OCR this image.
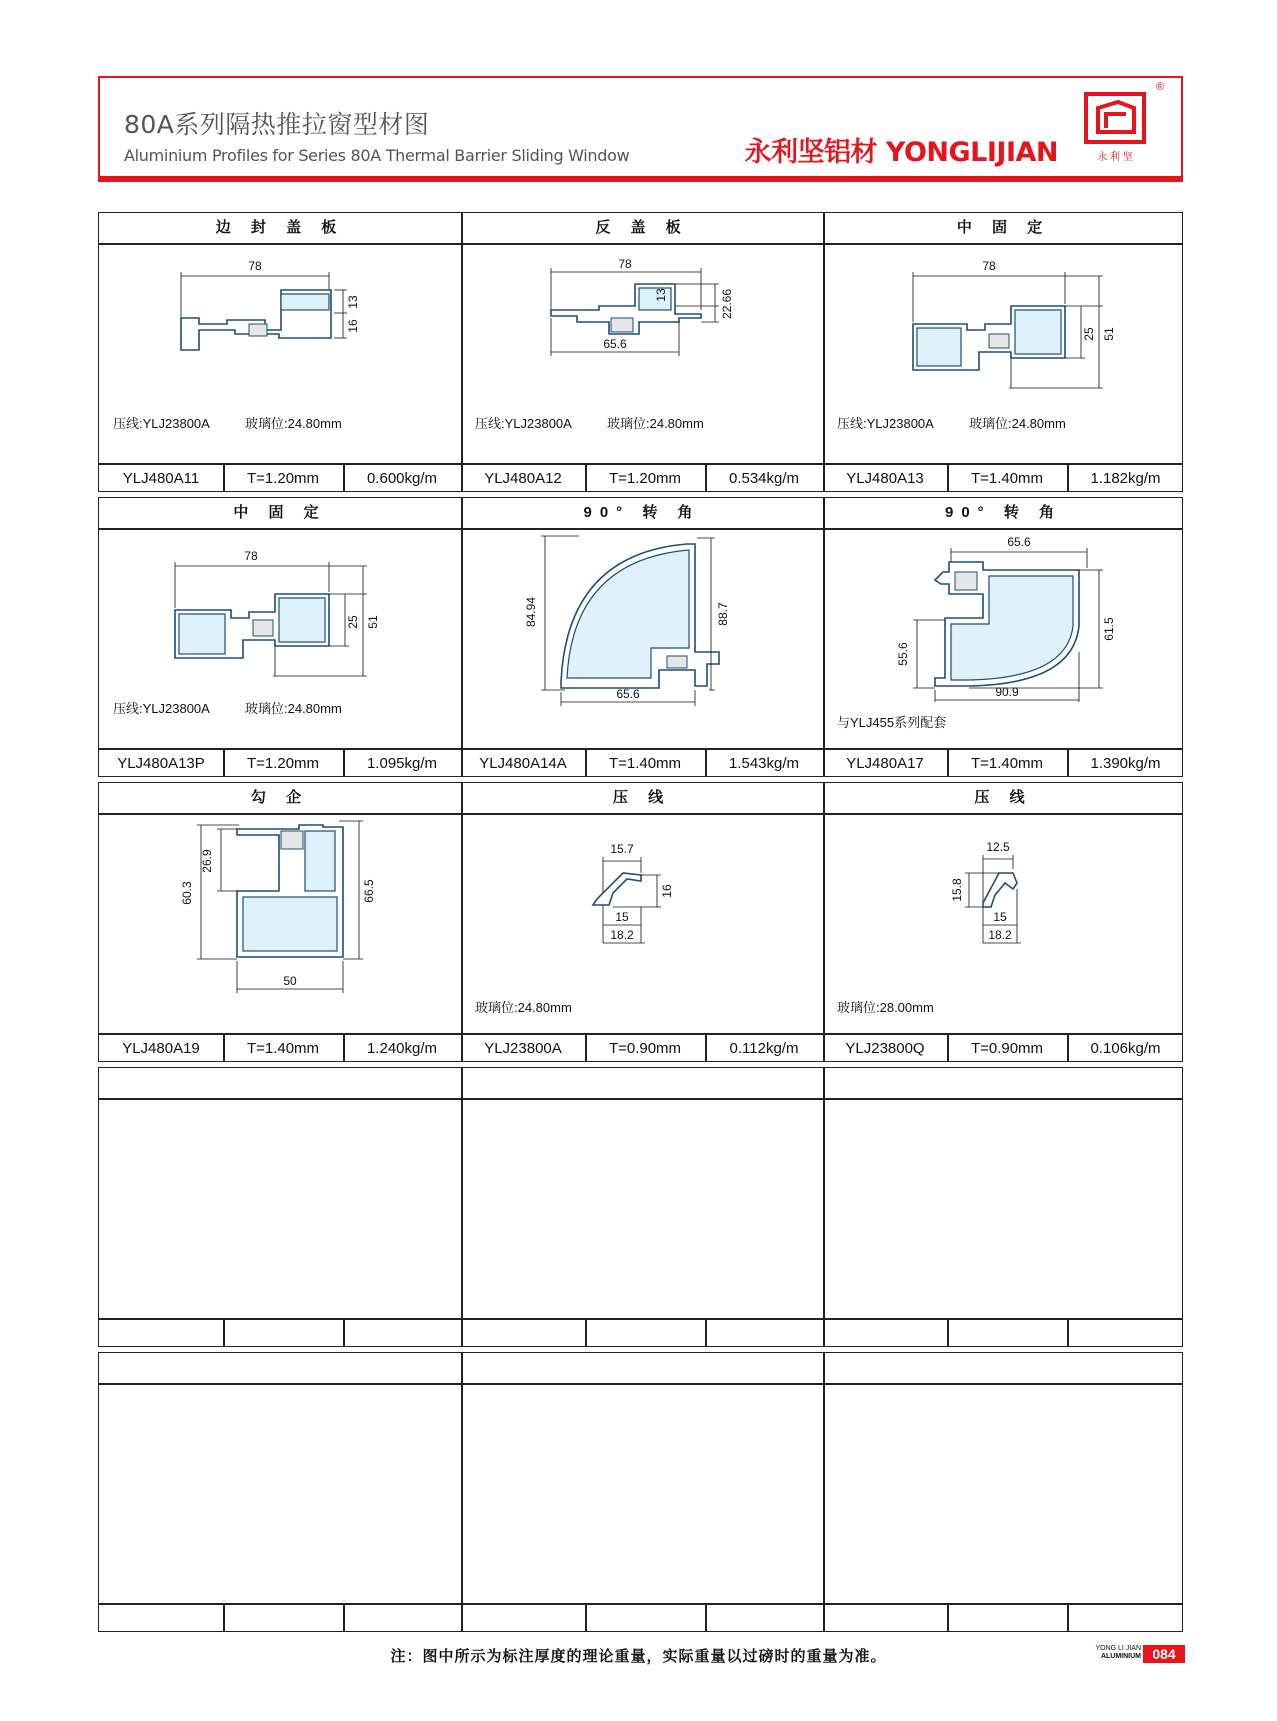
80A系列隔热推拉窗型材图
Aluminium Profiles for Series 80A Thermal Barrier Sliding Window	永利坚铝材 YONGLIJIAN	永 利 坚
®
边 封 盖 板
78
13
16
压线:YLJ23800A	玻璃位:24.80mm
YLJ480A11	T=1.20mm	0.600kg/m
反 盖 板
78
13	22.66
65.6
压线:YLJ23800A	玻璃位:24.80mm
YLJ480A12	T=1.20mm	0.534kg/m
中 固 定
78
25 51
压线:YLJ23800A	玻璃位:24.80mm
YLJ480A13	T=1.40mm	1.182kg/m
中 固 定
78
25 51
压线:YLJ23800A	玻璃位:24.80mm
YLJ480A13P	T=1.20mm	1.095kg/m
90° 转 角
84.94	88.7
65.6
YLJ480A14A	T=1.40mm	1.543kg/m
90° 转 角
65.6
55.6
61.5
90.9
与YLJ455系列配套
YLJ480A17	T=1.40mm	1.390kg/m
勾 企
60.3
26.9
66.5
50
YLJ480A19	T=1.40mm	1.240kg/m
压 线
15.7
16
15
18.2
玻璃位:24.80mm
YLJ23800A	T=0.90mm	0.112kg/m
压 线
12.5
15.8
15
18.2
玻璃位:28.00mm
YLJ23800Q	T=0.90mm	0.106kg/m
注：图中所示为标注厚度的理论重量，实际重量以过磅时的重量为准。	YONG LI JIAN
ALUMINIUM 084
